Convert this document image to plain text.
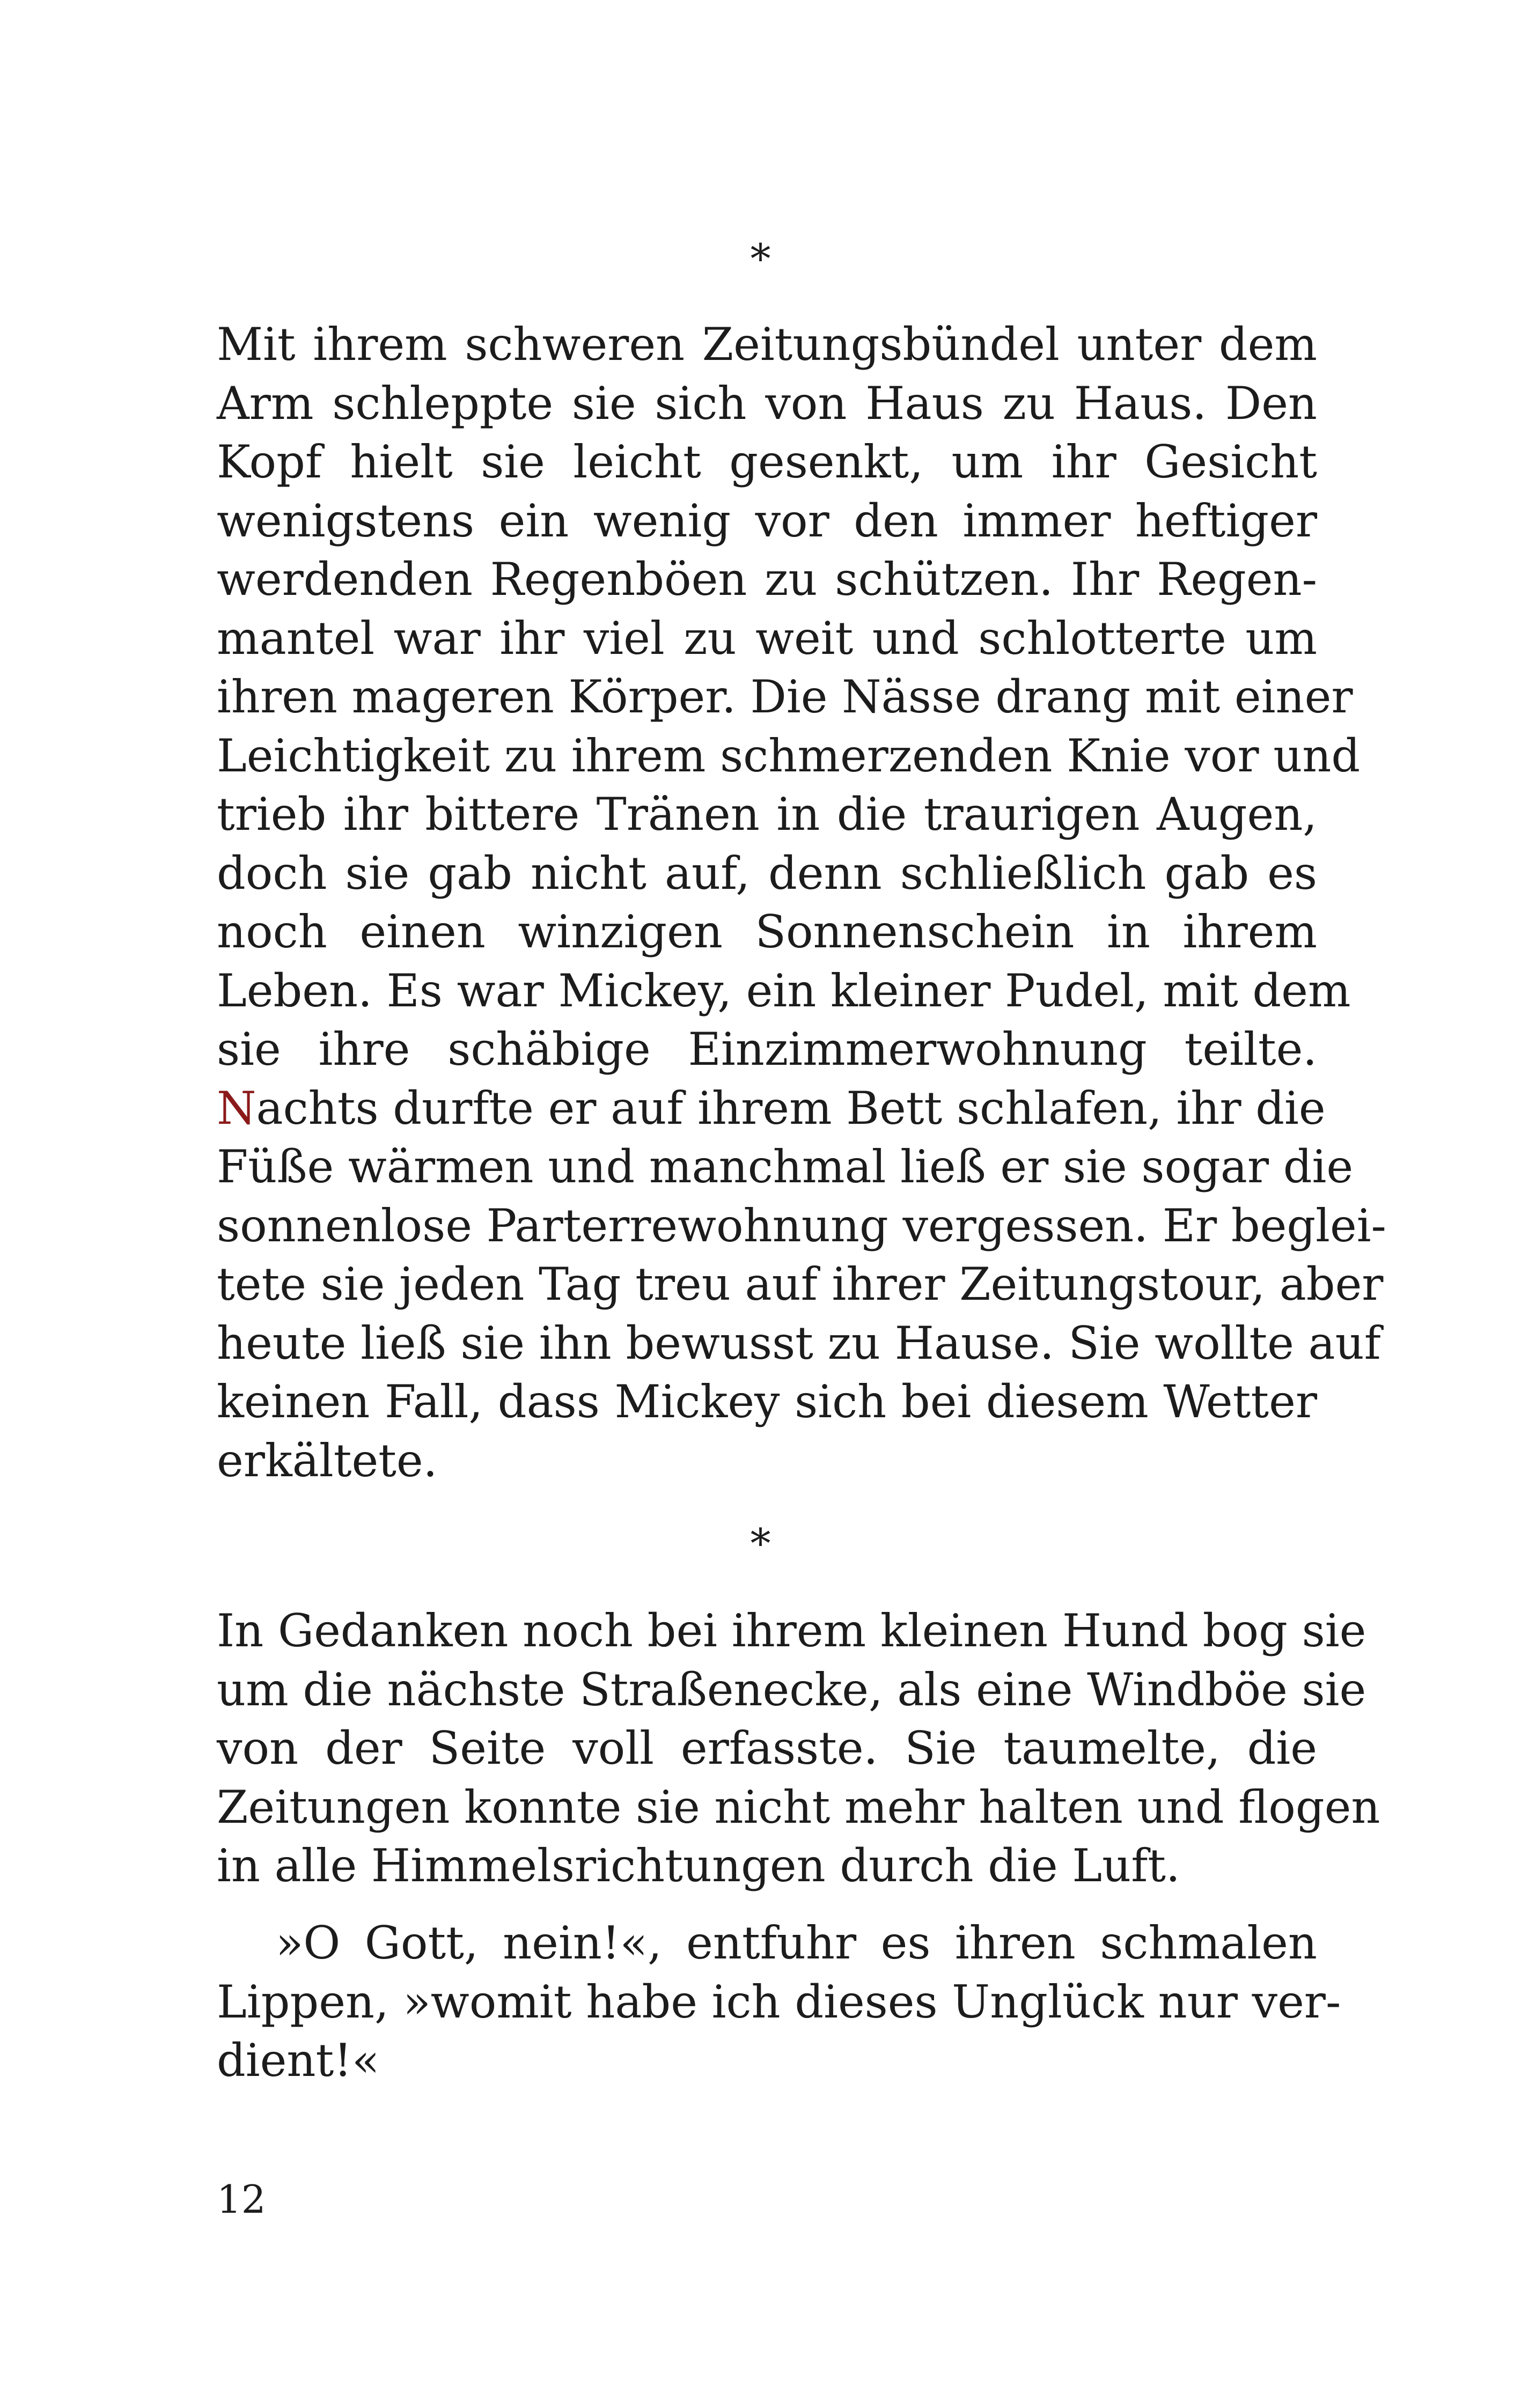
*
Mit ihrem schweren Zeitungsbündel unter dem
Arm schleppte sie sich von Haus zu Haus. Den
Kopf hielt sie leicht gesenkt, um ihr Gesicht
wenigstens ein wenig vor den immer heftiger
werdenden Regenböen zu schützen. Ihr Regen-
mantel war ihr viel zu weit und schlotterte um
ihren mageren Körper. Die Nässe drang mit einer
Leichtigkeit zu ihrem schmerzenden Knie vor und
trieb ihr bittere Tränen in die traurigen Augen,
doch sie gab nicht auf, denn schließlich gab es
noch einen winzigen Sonnenschein in ihrem
Leben. Es war Mickey, ein kleiner Pudel, mit dem
sie ihre schäbige Einzimmerwohnung teilte.
Nachts durfte er auf ihrem Bett schlafen, ihr die
Füße wärmen und manchmal ließ er sie sogar die
sonnenlose Parterrewohnung vergessen. Er beglei-
tete sie jeden Tag treu auf ihrer Zeitungstour, aber
heute ließ sie ihn bewusst zu Hause. Sie wollte auf
keinen Fall, dass Mickey sich bei diesem Wetter
erkältete.
*
In Gedanken noch bei ihrem kleinen Hund bog sie
um die nächste Straßenecke, als eine Windböe sie
von der Seite voll erfasste. Sie taumelte, die
Zeitungen konnte sie nicht mehr halten und flogen
in alle Himmelsrichtungen durch die Luft.
»O Gott, nein!«, entfuhr es ihren schmalen
Lippen, »womit habe ich dieses Unglück nur ver-
dient!«
12
